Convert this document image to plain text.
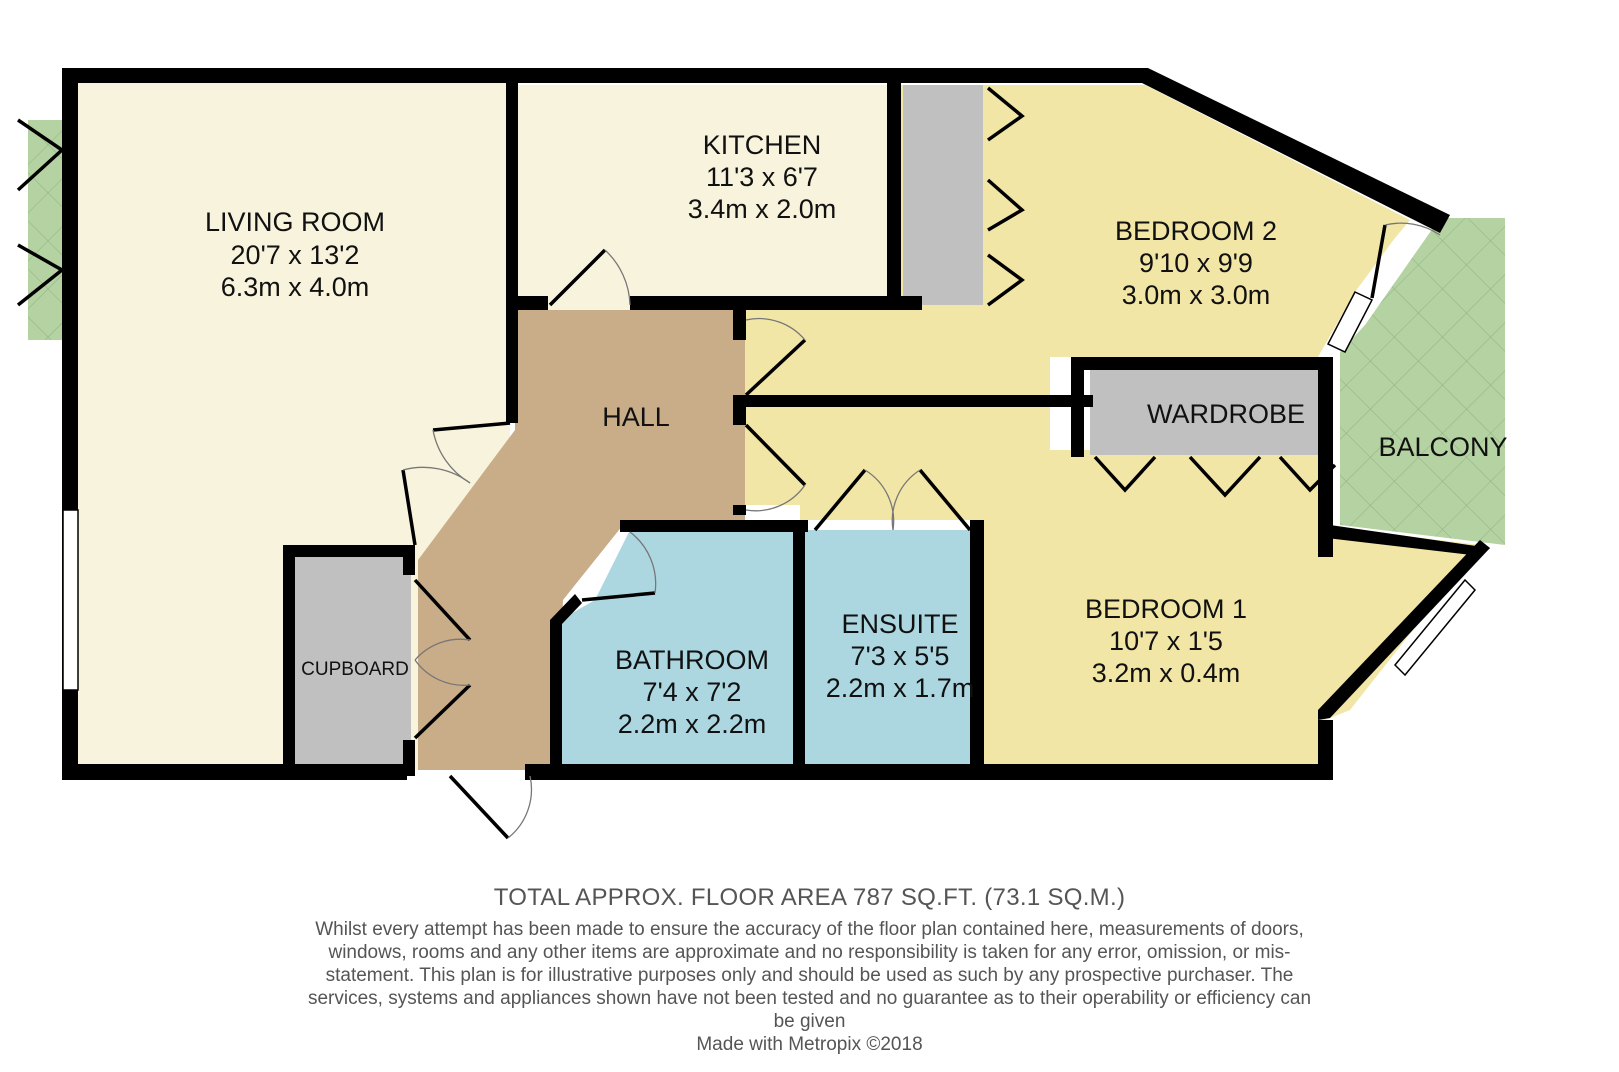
LIVING ROOM
20'7 x 13'2
6.3m x 4.0m
KITCHEN
11'3 x 6'7
3.4m x 2.0m
BEDROOM 2
9'10 x 9'9
3.0m x 3.0m
HALL	WARDROBE
BALCONY
CUPBOARD	BATHROOM
7'4 x 7'2
2.2m x 2.2m
ENSUITE
7'3 x 5'5
2.2m x 1.7m
BEDROOM 1
10'7 x 1'5
3.2m x 0.4m
TOTAL APPROX. FLOOR AREA 787 SQ.FT. (73.1 SQ.M.)
Whilst every attempt has been made to ensure the accuracy of the floor plan contained here, measurements of doors, windows, rooms and any other items are approximate and no responsibility is taken for any error, omission, or mis-statement. This plan is for illustrative purposes only and should be used as such by any prospective purchaser. The services, systems and appliances shown have not been tested and no guarantee as to their operability or efficiency can be given
Made with Metropix ©2018
